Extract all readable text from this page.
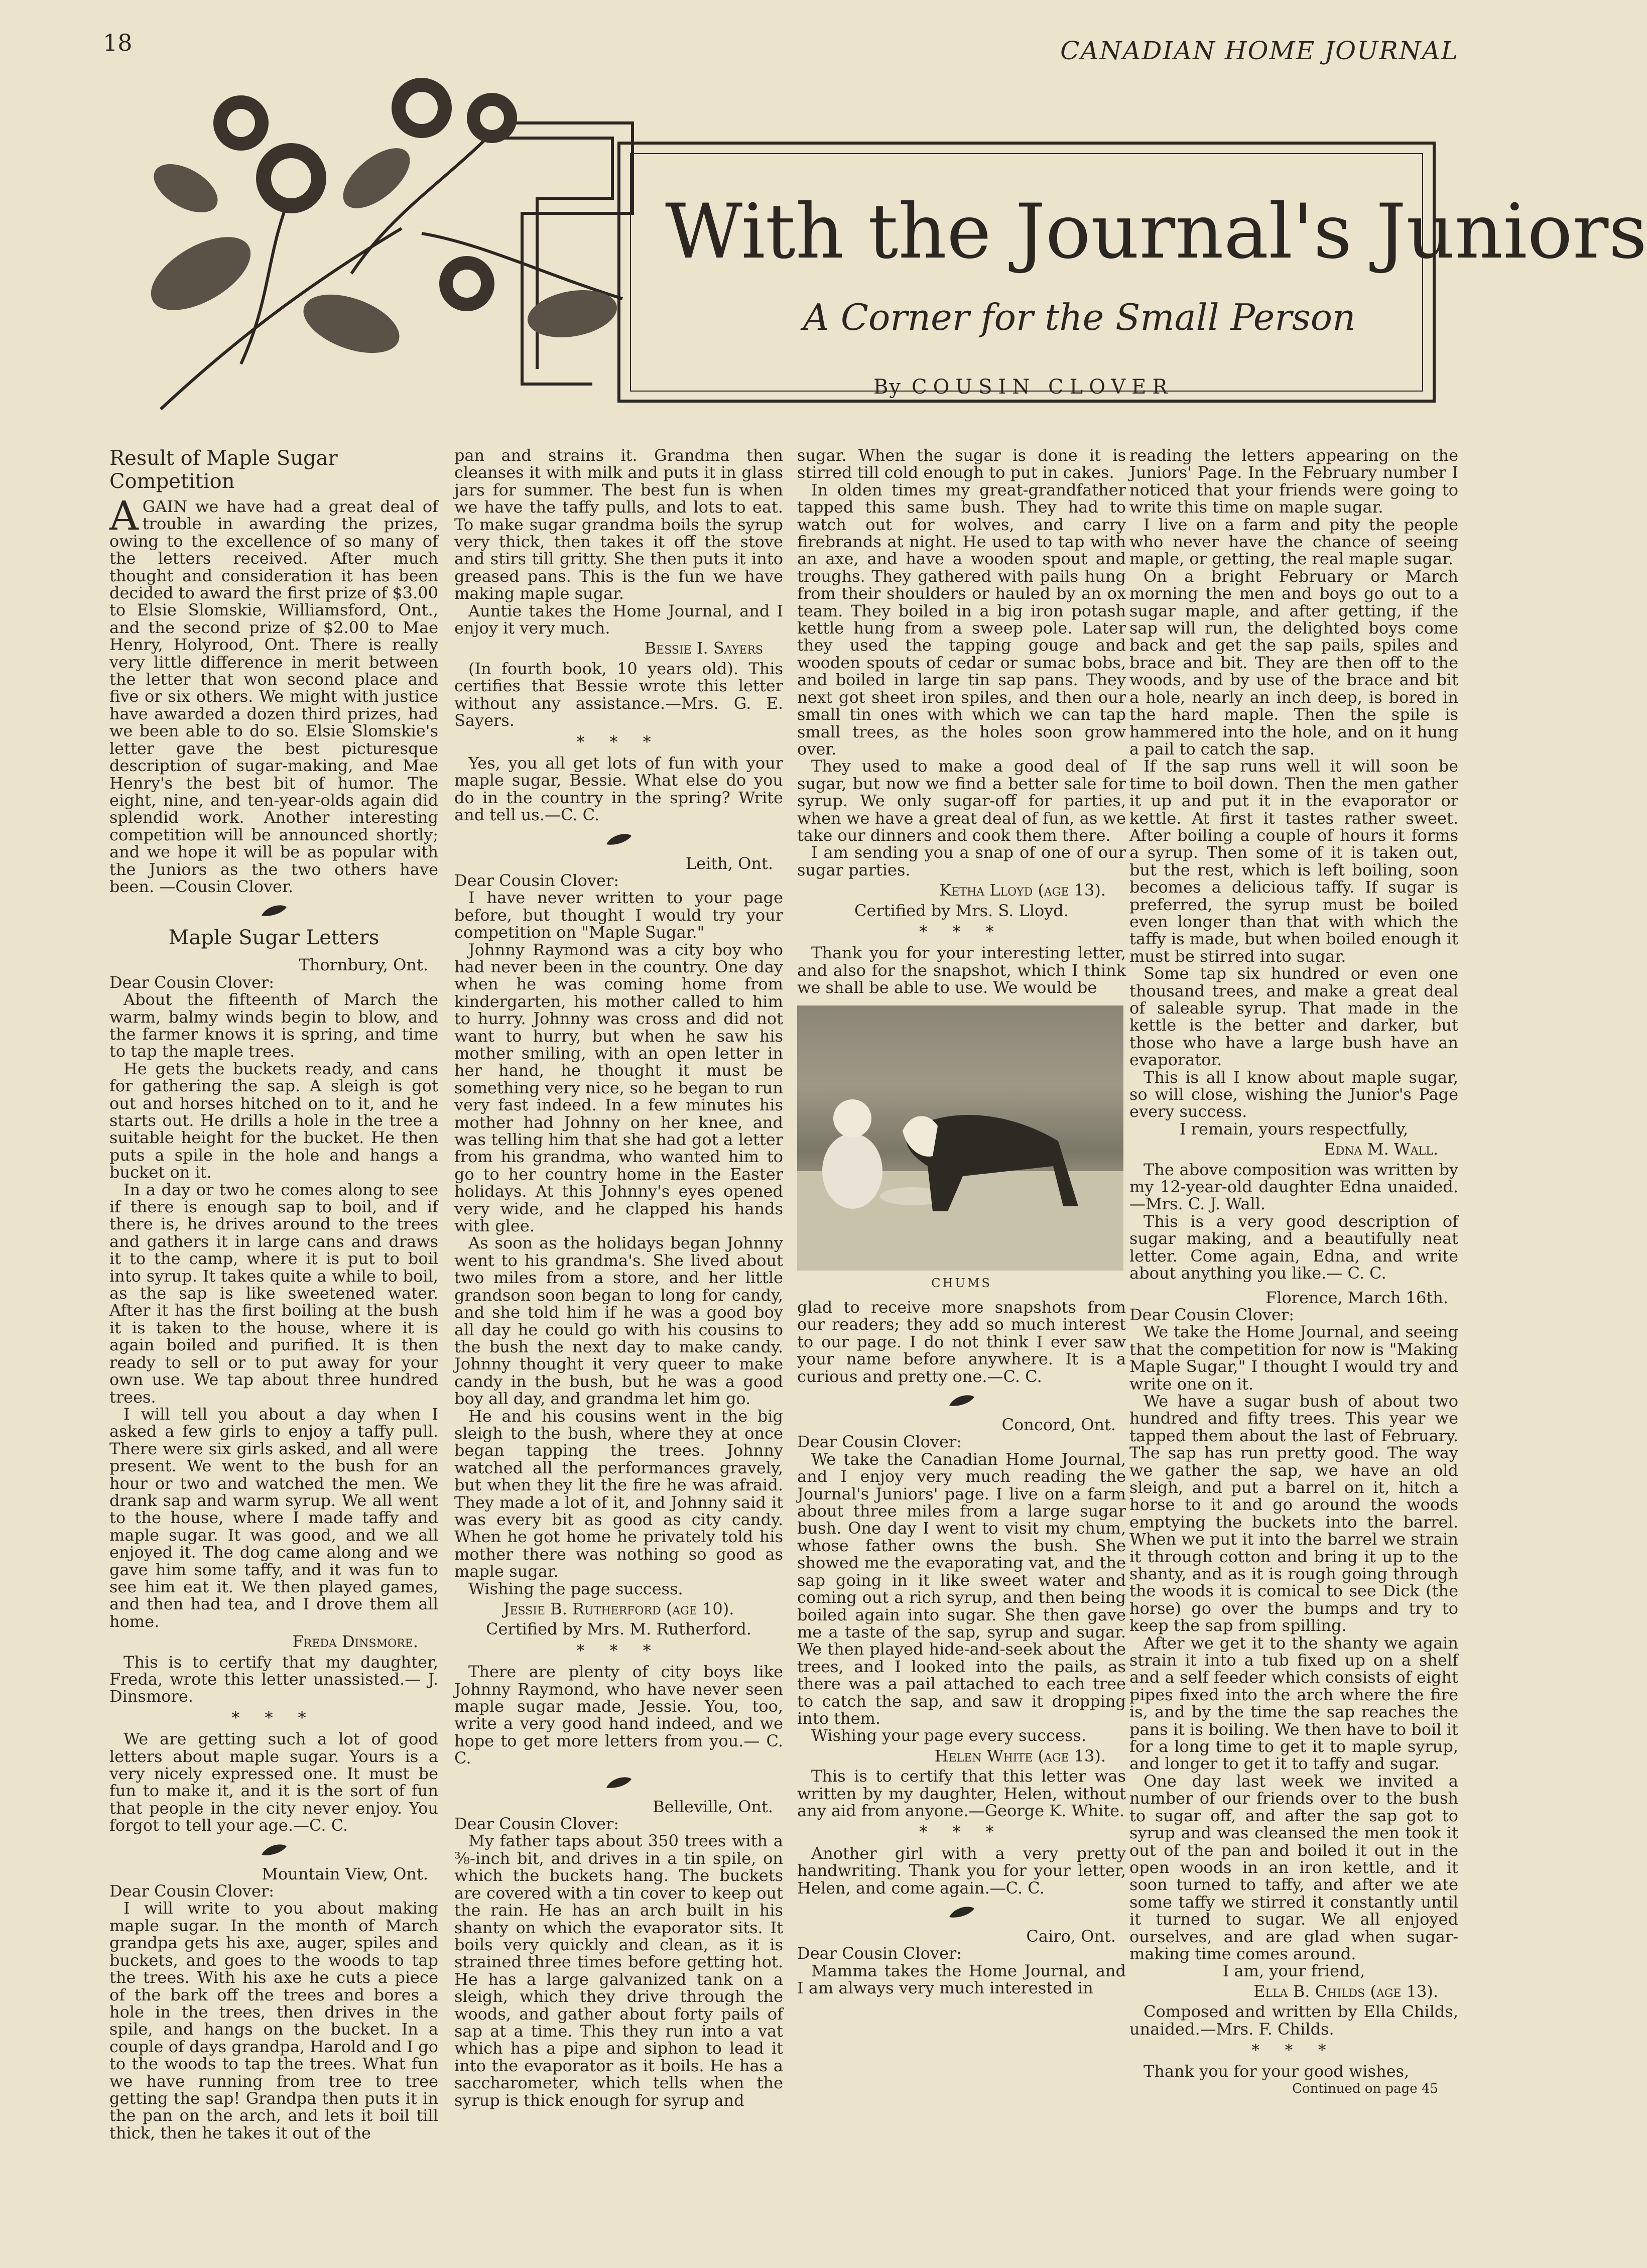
18	CANADIAN HOME JOURNAL
With the Journal's Juniors
A Corner for the Small Person
By COUSIN CLOVER
Result of Maple Sugar Competition

AGAIN we have had a great deal of trouble in awarding the prizes, owing to the excellence of so many of the letters received. After much thought and consideration it has been decided to award the first prize of $3.00 to Elsie Slomskie, Williamsford, Ont., and the second prize of $2.00 to Mae Henry, Holyrood, Ont. There is really very little difference in merit between the letter that won second place and five or six others. We might with justice have awarded a dozen third prizes, had we been able to do so. Elsie Slomskie's letter gave the best picturesque description of sugar-making, and Mae Henry's the best bit of humor. The eight, nine, and ten-year-olds again did splendid work. Another interesting competition will be announced shortly; and we hope it will be as popular with the Juniors as the two others have been. —Cousin Clover.

Maple Sugar Letters
Thornbury, Ont.
Dear Cousin Clover:

About the fifteenth of March the warm, balmy winds begin to blow, and the farmer knows it is spring, and time to tap the maple trees.

He gets the buckets ready, and cans for gathering the sap. A sleigh is got out and horses hitched on to it, and he starts out. He drills a hole in the tree a suitable height for the bucket. He then puts a spile in the hole and hangs a bucket on it.

In a day or two he comes along to see if there is enough sap to boil, and if there is, he drives around to the trees and gathers it in large cans and draws it to the camp, where it is put to boil into syrup. It takes quite a while to boil, as the sap is like sweetened water. After it has the first boiling at the bush it is taken to the house, where it is again boiled and purified. It is then ready to sell or to put away for your own use. We tap about three hundred trees.

I will tell you about a day when I asked a few girls to enjoy a taffy pull. There were six girls asked, and all were present. We went to the bush for an hour or two and watched the men. We drank sap and warm syrup. We all went to the house, where I made taffy and maple sugar. It was good, and we all enjoyed it. The dog came along and we gave him some taffy, and it was fun to see him eat it. We then played games, and then had tea, and I drove them all home.

Freda Dinsmore.

This is to certify that my daughter, Freda, wrote this letter unassisted.— J. Dinsmore.

* * *

We are getting such a lot of good letters about maple sugar. Yours is a very nicely expressed one. It must be fun to make it, and it is the sort of fun that people in the city never enjoy. You forgot to tell your age.—C. C.

Mountain View, Ont.
Dear Cousin Clover:

I will write to you about making maple sugar. In the month of March grandpa gets his axe, auger, spiles and buckets, and goes to the woods to tap the trees. With his axe he cuts a piece of the bark off the trees and bores a hole in the trees, then drives in the spile, and hangs on the bucket. In a couple of days grandpa, Harold and I go to the woods to tap the trees. What fun we have running from tree to tree getting the sap! Grandpa then puts it in the pan on the arch, and lets it boil till thick, then he takes it out of the

pan and strains it. Grandma then cleanses it with milk and puts it in glass jars for summer. The best fun is when we have the taffy pulls, and lots to eat. To make sugar grandma boils the syrup very thick, then takes it off the stove and stirs till gritty. She then puts it into greased pans. This is the fun we have making maple sugar.

Auntie takes the Home Journal, and I enjoy it very much.

Bessie I. Sayers

(In fourth book, 10 years old). This certifies that Bessie wrote this letter without any assistance.—Mrs. G. E. Sayers.

* * *

Yes, you all get lots of fun with your maple sugar, Bessie. What else do you do in the country in the spring? Write and tell us.—C. C.

Leith, Ont.
Dear Cousin Clover:

I have never written to your page before, but thought I would try your competition on "Maple Sugar."

Johnny Raymond was a city boy who had never been in the country. One day when he was coming home from kindergarten, his mother called to him to hurry. Johnny was cross and did not want to hurry, but when he saw his mother smiling, with an open letter in her hand, he thought it must be something very nice, so he began to run very fast indeed. In a few minutes his mother had Johnny on her knee, and was telling him that she had got a letter from his grandma, who wanted him to go to her country home in the Easter holidays. At this Johnny's eyes opened very wide, and he clapped his hands with glee.

As soon as the holidays began Johnny went to his grandma's. She lived about two miles from a store, and her little grandson soon began to long for candy, and she told him if he was a good boy all day he could go with his cousins to the bush the next day to make candy. Johnny thought it very queer to make candy in the bush, but he was a good boy all day, and grandma let him go.

He and his cousins went in the big sleigh to the bush, where they at once began tapping the trees. Johnny watched all the performances gravely, but when they lit the fire he was afraid. They made a lot of it, and Johnny said it was every bit as good as city candy. When he got home he privately told his mother there was nothing so good as maple sugar.

Wishing the page success.

Jessie B. Rutherford (age 10).
Certified by Mrs. M. Rutherford.
* * *

There are plenty of city boys like Johnny Raymond, who have never seen maple sugar made, Jessie. You, too, write a very good hand indeed, and we hope to get more letters from you.— C. C.

Belleville, Ont.
Dear Cousin Clover:

My father taps about 350 trees with a ⅜-inch bit, and drives in a tin spile, on which the buckets hang. The buckets are covered with a tin cover to keep out the rain. He has an arch built in his shanty on which the evaporator sits. It boils very quickly and clean, as it is strained three times before getting hot. He has a large galvanized tank on a sleigh, which they drive through the woods, and gather about forty pails of sap at a time. This they run into a vat which has a pipe and siphon to lead it into the evaporator as it boils. He has a saccharometer, which tells when the syrup is thick enough for syrup and

sugar. When the sugar is done it is stirred till cold enough to put in cakes.

In olden times my great-grandfather tapped this same bush. They had to watch out for wolves, and carry firebrands at night. He used to tap with an axe, and have a wooden spout and troughs. They gathered with pails hung from their shoulders or hauled by an ox team. They boiled in a big iron potash kettle hung from a sweep pole. Later they used the tapping gouge and wooden spouts of cedar or sumac bobs, and boiled in large tin sap pans. They next got sheet iron spiles, and then our small tin ones with which we can tap small trees, as the holes soon grow over.

They used to make a good deal of sugar, but now we find a better sale for syrup. We only sugar-off for parties, when we have a great deal of fun, as we take our dinners and cook them there.

I am sending you a snap of one of our sugar parties.

Ketha Lloyd (age 13).
Certified by Mrs. S. Lloyd.
* * *

Thank you for your interesting letter, and also for the snapshot, which I think we shall be able to use. We would be

CHUMS

glad to receive more snapshots from our readers; they add so much interest to our page. I do not think I ever saw your name before anywhere. It is a curious and pretty one.—C. C.

Concord, Ont.
Dear Cousin Clover:

We take the Canadian Home Journal, and I enjoy very much reading the Journal's Juniors' page. I live on a farm about three miles from a large sugar bush. One day I went to visit my chum, whose father owns the bush. She showed me the evaporating vat, and the sap going in it like sweet water and coming out a rich syrup, and then being boiled again into sugar. She then gave me a taste of the sap, syrup and sugar. We then played hide-and-seek about the trees, and I looked into the pails, as there was a pail attached to each tree to catch the sap, and saw it dropping into them.

Wishing your page every success.

Helen White (age 13).

This is to certify that this letter was written by my daughter, Helen, without any aid from anyone.—George K. White.

* * *

Another girl with a very pretty handwriting. Thank you for your letter, Helen, and come again.—C. C.

Cairo, Ont.
Dear Cousin Clover:

Mamma takes the Home Journal, and I am always very much interested in

reading the letters appearing on the Juniors' Page. In the February number I noticed that your friends were going to write this time on maple sugar.

I live on a farm and pity the people who never have the chance of seeing maple, or getting, the real maple sugar.

On a bright February or March morning the men and boys go out to a sugar maple, and after getting, if the sap will run, the delighted boys come back and get the sap pails, spiles and brace and bit. They are then off to the woods, and by use of the brace and bit a hole, nearly an inch deep, is bored in the hard maple. Then the spile is hammered into the hole, and on it hung a pail to catch the sap.

If the sap runs well it will soon be time to boil down. Then the men gather it up and put it in the evaporator or kettle. At first it tastes rather sweet. After boiling a couple of hours it forms a syrup. Then some of it is taken out, but the rest, which is left boiling, soon becomes a delicious taffy. If sugar is preferred, the syrup must be boiled even longer than that with which the taffy is made, but when boiled enough it must be stirred into sugar.

Some tap six hundred or even one thousand trees, and make a great deal of saleable syrup. That made in the kettle is the better and darker, but those who have a large bush have an evaporator.

This is all I know about maple sugar, so will close, wishing the Junior's Page every success.

I remain, yours respectfully,
Edna M. Wall.

The above composition was written by my 12-year-old daughter Edna unaided.—Mrs. C. J. Wall.

This is a very good description of sugar making, and a beautifully neat letter. Come again, Edna, and write about anything you like.— C. C.

Florence, March 16th.
Dear Cousin Clover:

We take the Home Journal, and seeing that the competition for now is "Making Maple Sugar," I thought I would try and write one on it.

We have a sugar bush of about two hundred and fifty trees. This year we tapped them about the last of February. The sap has run pretty good. The way we gather the sap, we have an old sleigh, and put a barrel on it, hitch a horse to it and go around the woods emptying the buckets into the barrel. When we put it into the barrel we strain it through cotton and bring it up to the shanty, and as it is rough going through the woods it is comical to see Dick (the horse) go over the bumps and try to keep the sap from spilling.

After we get it to the shanty we again strain it into a tub fixed up on a shelf and a self feeder which consists of eight pipes fixed into the arch where the fire is, and by the time the sap reaches the pans it is boiling. We then have to boil it for a long time to get it to maple syrup, and longer to get it to taffy and sugar.

One day last week we invited a number of our friends over to the bush to sugar off, and after the sap got to syrup and was cleansed the men took it out of the pan and boiled it out in the open woods in an iron kettle, and it soon turned to taffy, and after we ate some taffy we stirred it constantly until it turned to sugar. We all enjoyed ourselves, and are glad when sugar-making time comes around.

I am, your friend,
Ella B. Childs (age 13).

Composed and written by Ella Childs, unaided.—Mrs. F. Childs.

* * *

Thank you for your good wishes,

Continued on page 45
